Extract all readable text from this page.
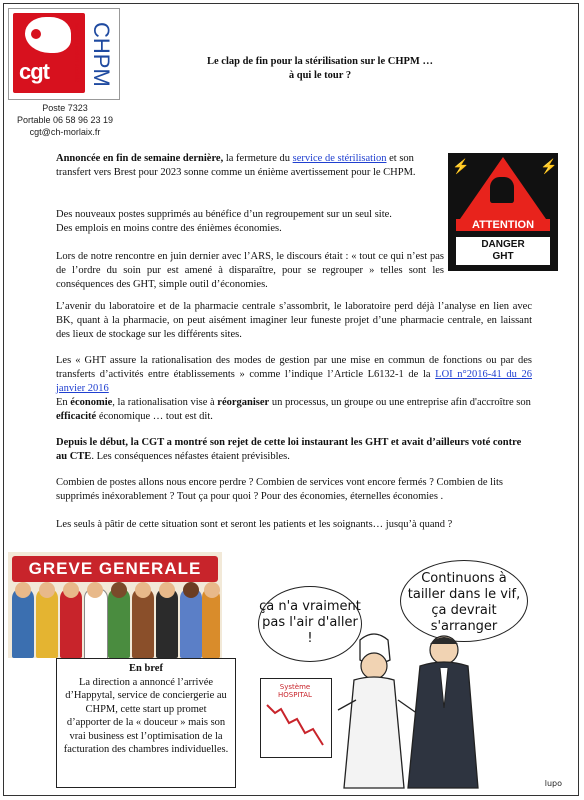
cgt	santé et action sociale CHPM
Poste 7323
Portable 06 58 96 23 19
cgt@ch-morlaix.fr
Le clap de fin pour la stérilisation sur le CHPM …
à qui le tour ?
Annoncée en fin de semaine dernière, la fermeture du service de stérilisation et son transfert vers Brest pour 2023 sonne comme un énième avertissement pour le CHPM.	⚡	⚡
ATTENTION
DANGER
GHT
Des nouveaux postes supprimés au bénéfice d’un regroupement sur un seul site.
Des emplois en moins contre des énièmes économies.
Lors de notre rencontre en juin dernier avec l’ARS, le discours était : « tout ce qui n’est pas de l’ordre du soin pur est amené à disparaître, pour se regrouper » telles sont les conséquences des GHT, simple outil d’économies.
L’avenir du laboratoire et de la pharmacie centrale s’assombrit, le laboratoire perd déjà l’analyse en lien avec BK, quant à la pharmacie, on peut aisément imaginer leur funeste projet d’une pharmacie centrale, en laissant des lieux de stockage sur les différents sites.
Les « GHT assure la rationalisation des modes de gestion par une mise en commun de fonctions ou par des transferts d’activités entre établissements » comme l’indique l’Article L6132-1 de la LOI n°2016-41 du 26 janvier 2016
En économie, la rationalisation vise à réorganiser un processus, un groupe ou une entreprise afin d'accroître son efficacité économique … tout est dit.
Depuis le début, la CGT a montré son rejet de cette loi instaurant les GHT et avait d’ailleurs voté contre au CTE. Les conséquences néfastes étaient prévisibles.
Combien de postes allons nous encore perdre ? Combien de services vont encore fermés ? Combien de lits supprimés inéxorablement ? Tout ça pour quoi ? Pour des économies, éternelles économies .
Les seuls à pâtir de cette situation sont et seront les patients et les soignants… jusqu’à quand ?
GREVE GENERALE
En bref
La direction a annoncé l’arrivée d’Happytal, service de conciergerie au CHPM, cette start up promet d’apporter de la « douceur » mais son vrai business est l’optimisation de la facturation des chambres individuelles.
ça n'a vraiment pas l'air d'aller !
Continuons à tailler dans le vif, ça devrait s'arranger
Système HOSPITAL
lupo
